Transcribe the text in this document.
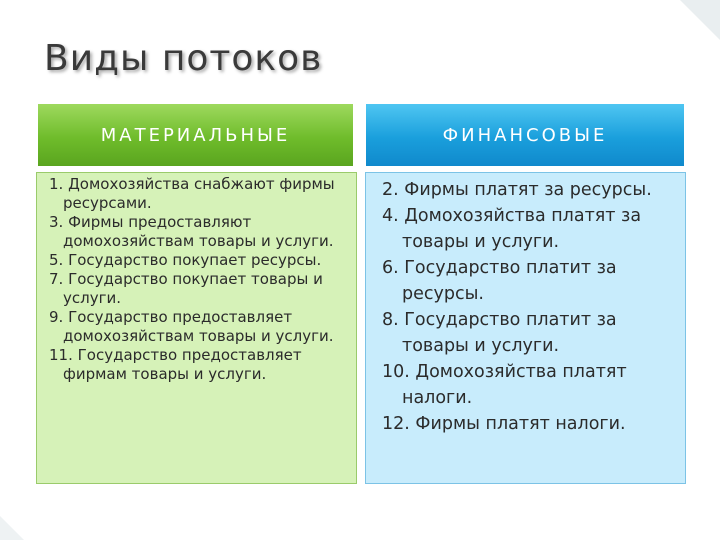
Виды потоков
МАТЕРИАЛЬНЫЕ	ФИНАНСОВЫЕ
1. Домохозяйства снабжают фирмы ресурсами.
3. Фирмы предоставляют домохозяйствам товары и услуги.
5. Государство покупает ресурсы.
7. Государство покупает товары и услуги.
9. Государство предоставляет домохозяйствам товары и услуги.
11. Государство предоставляет фирмам товары и услуги.
2. Фирмы платят за ресурсы.
4. Домохозяйства платят за товары и услуги.
6. Государство платит за ресурсы.
8. Государство платит за товары и услуги.
10. Домохозяйства платят налоги.
12. Фирмы платят налоги.
